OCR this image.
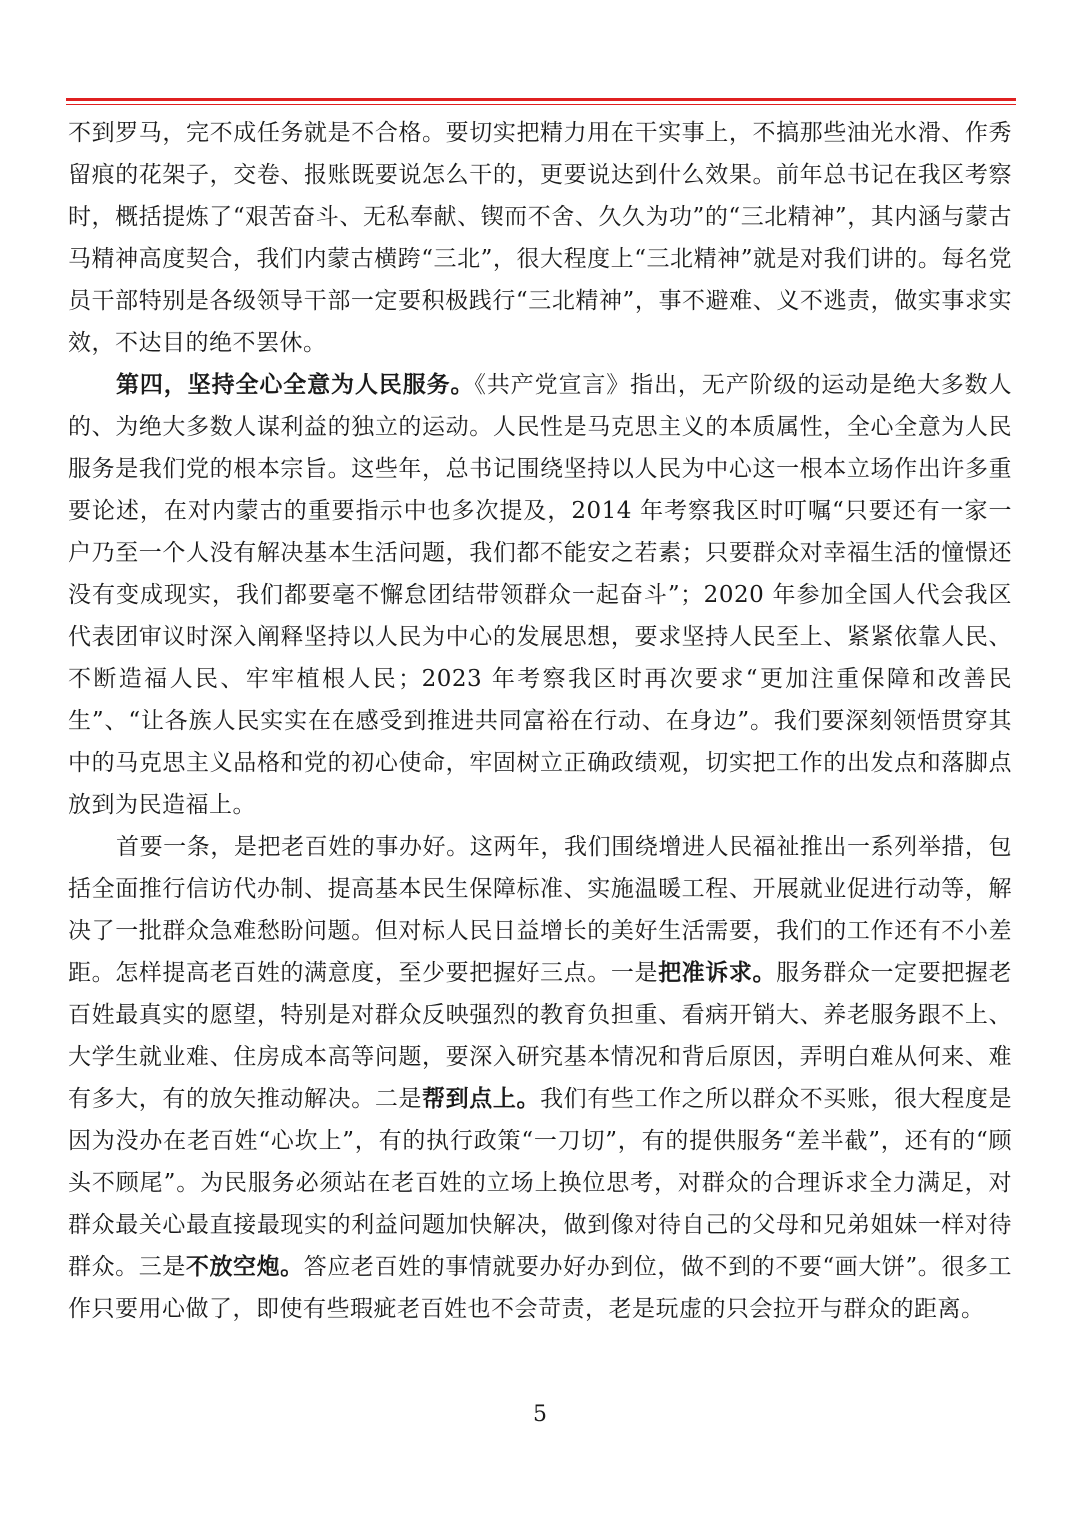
不到罗马，完不成任务就是不合格。要切实把精力用在干实事上，不搞那些油光水滑、作秀留痕的花架子，交卷、报账既要说怎么干的，更要说达到什么效果。前年总书记在我区考察时，概括提炼了“艰苦奋斗、无私奉献、锲而不舍、久久为功”的“三北精神”，其内涵与蒙古马精神高度契合，我们内蒙古横跨“三北”，很大程度上“三北精神”就是对我们讲的。每名党员干部特别是各级领导干部一定要积极践行“三北精神”，事不避难、义不逃责，做实事求实效，不达目的绝不罢休。

第四，坚持全心全意为人民服务。《共产党宣言》指出，无产阶级的运动是绝大多数人的、为绝大多数人谋利益的独立的运动。人民性是马克思主义的本质属性，全心全意为人民服务是我们党的根本宗旨。这些年，总书记围绕坚持以人民为中心这一根本立场作出许多重要论述，在对内蒙古的重要指示中也多次提及，2014 年考察我区时叮嘱“只要还有一家一户乃至一个人没有解决基本生活问题，我们都不能安之若素；只要群众对幸福生活的憧憬还没有变成现实，我们都要毫不懈怠团结带领群众一起奋斗”；2020 年参加全国人代会我区代表团审议时深入阐释坚持以人民为中心的发展思想，要求坚持人民至上、紧紧依靠人民、不断造福人民、牢牢植根人民；2023 年考察我区时再次要求“更加注重保障和改善民生”、“让各族人民实实在在感受到推进共同富裕在行动、在身边”。我们要深刻领悟贯穿其中的马克思主义品格和党的初心使命，牢固树立正确政绩观，切实把工作的出发点和落脚点放到为民造福上。

首要一条，是把老百姓的事办好。这两年，我们围绕增进人民福祉推出一系列举措，包括全面推行信访代办制、提高基本民生保障标准、实施温暖工程、开展就业促进行动等，解决了一批群众急难愁盼问题。但对标人民日益增长的美好生活需要，我们的工作还有不小差距。怎样提高老百姓的满意度，至少要把握好三点。一是把准诉求。服务群众一定要把握老百姓最真实的愿望，特别是对群众反映强烈的教育负担重、看病开销大、养老服务跟不上、大学生就业难、住房成本高等问题，要深入研究基本情况和背后原因，弄明白难从何来、难有多大，有的放矢推动解决。二是帮到点上。我们有些工作之所以群众不买账，很大程度是因为没办在老百姓“心坎上”，有的执行政策“一刀切”，有的提供服务“差半截”，还有的“顾头不顾尾”。为民服务必须站在老百姓的立场上换位思考，对群众的合理诉求全力满足，对群众最关心最直接最现实的利益问题加快解决，做到像对待自己的父母和兄弟姐妹一样对待群众。三是不放空炮。答应老百姓的事情就要办好办到位，做不到的不要“画大饼”。很多工作只要用心做了，即使有些瑕疵老百姓也不会苛责，老是玩虚的只会拉开与群众的距离。

5
